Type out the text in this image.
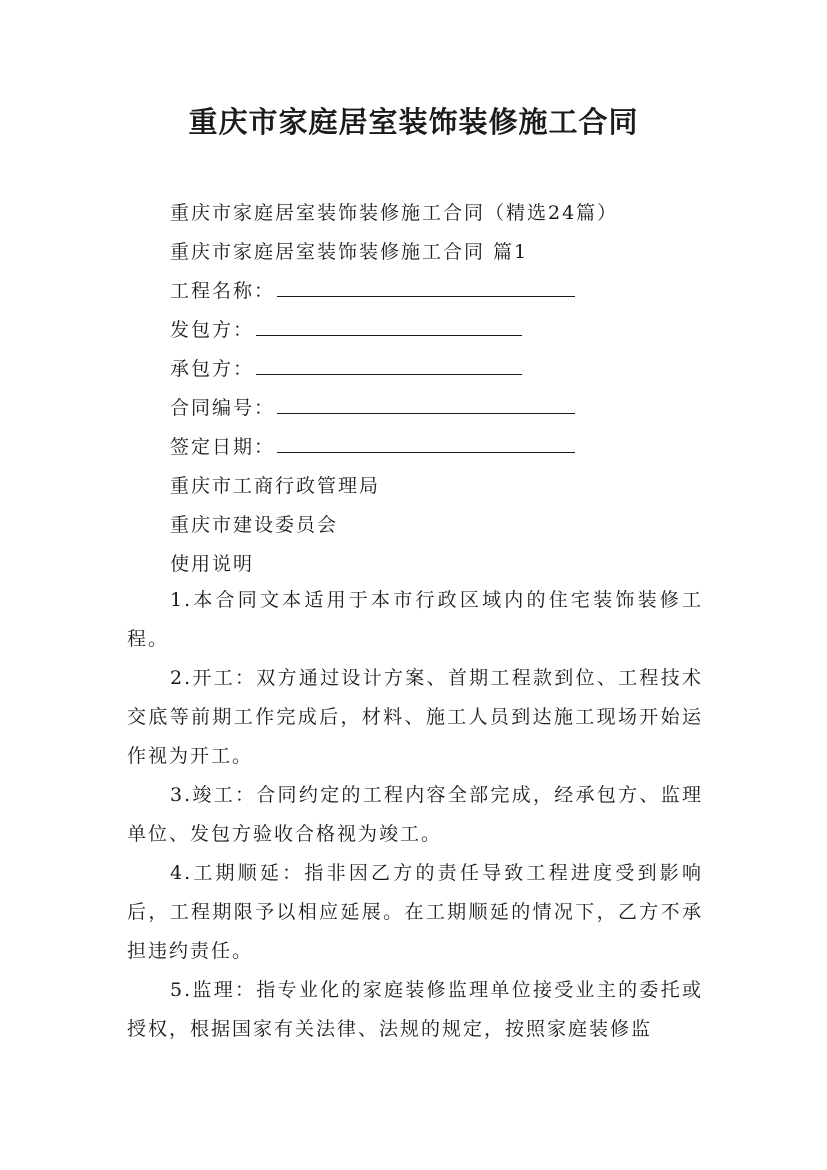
重庆市家庭居室装饰装修施工合同
重庆市家庭居室装饰装修施工合同（精选24篇）
重庆市家庭居室装饰装修施工合同 篇1
工程名称：
发包方：
承包方：
合同编号：
签定日期：
重庆市工商行政管理局
重庆市建设委员会
使用说明
1.本合同文本适用于本市行政区域内的住宅装饰装修工程。
2.开工：双方通过设计方案、首期工程款到位、工程技术交底等前期工作完成后，材料、施工人员到达施工现场开始运作视为开工。
3.竣工：合同约定的工程内容全部完成，经承包方、监理单位、发包方验收合格视为竣工。
4.工期顺延：指非因乙方的责任导致工程进度受到影响后，工程期限予以相应延展。在工期顺延的情况下，乙方不承担违约责任。
5.监理：指专业化的家庭装修监理单位接受业主的委托或授权，根据国家有关法律、法规的规定，按照家庭装修监
